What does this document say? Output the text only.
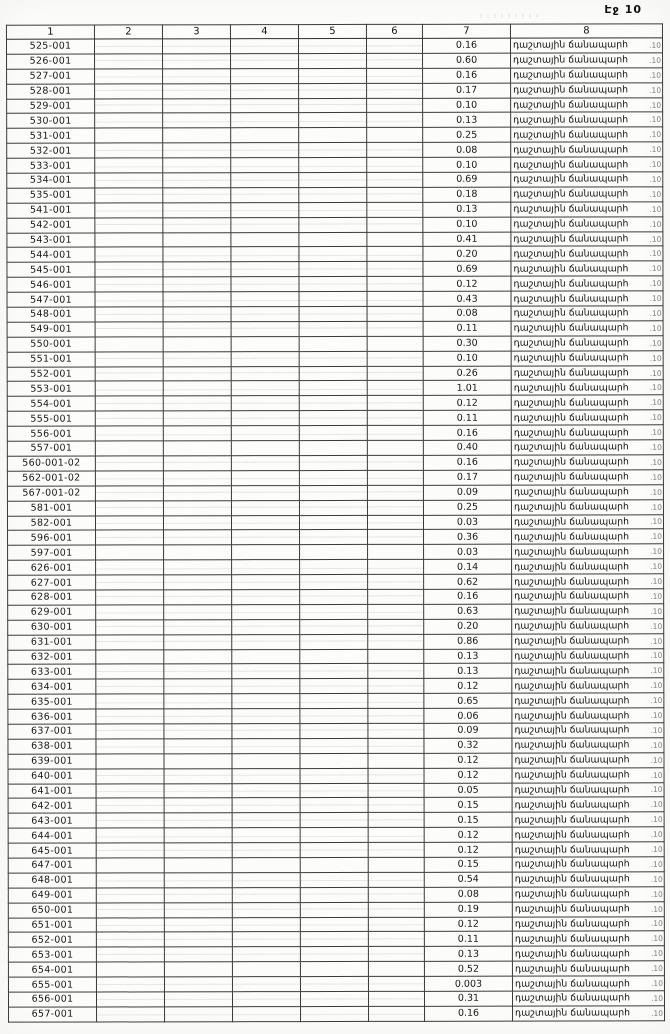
Էջ 10
1	2	3	4	5	6	7	8
525-001						0.16	դաշտային ճանապարհ .10

526-001						0.60	դաշտային ճանապարհ .10

527-001						0.16	դաշտային ճանապարհ .10

528-001						0.17	դաշտային ճանապարհ .10

529-001						0.10	դաշտային ճանապարհ .10

530-001						0.13	դաշտային ճանապարհ .10

531-001						0.25	դաշտային ճանապարհ .10

532-001						0.08	դաշտային ճանապարհ .10

533-001						0.10	դաշտային ճանապարհ .10

534-001						0.69	դաշտային ճանապարհ .10

535-001						0.18	դաշտային ճանապարհ .10

541-001						0.13	դաշտային ճանապարհ .10

542-001						0.10	դաշտային ճանապարհ .10

543-001						0.41	դաշտային ճանապարհ .10

544-001						0.20	դաշտային ճանապարհ .10

545-001						0.69	դաշտային ճանապարհ .10

546-001						0.12	դաշտային ճանապարհ .10

547-001						0.43	դաշտային ճանապարհ .10

548-001						0.08	դաշտային ճանապարհ .10

549-001						0.11	դաշտային ճանապարհ .10

550-001						0.30	դաշտային ճանապարհ .10

551-001						0.10	դաշտային ճանապարհ .10

552-001						0.26	դաշտային ճանապարհ .10

553-001						1.01	դաշտային ճանապարհ .10

554-001						0.12	դաշտային ճանապարհ .10

555-001						0.11	դաշտային ճանապարհ .10

556-001						0.16	դաշտային ճանապարհ .10

557-001						0.40	դաշտային ճանապարհ .10

560-001-02						0.16	դաշտային ճանապարհ .10

562-001-02						0.17	դաշտային ճանապարհ .10

567-001-02						0.09	դաշտային ճանապարհ .10

581-001						0.25	դաշտային ճանապարհ .10

582-001						0.03	դաշտային ճանապարհ .10

596-001						0.36	դաշտային ճանապարհ .10

597-001						0.03	դաշտային ճանապարհ .10

626-001						0.14	դաշտային ճանապարհ .10

627-001						0.62	դաշտային ճանապարհ .10

628-001						0.16	դաշտային ճանապարհ .10

629-001						0.63	դաշտային ճանապարհ .10

630-001						0.20	դաշտային ճանապարհ .10

631-001						0.86	դաշտային ճանապարհ .10

632-001						0.13	դաշտային ճանապարհ .10

633-001						0.13	դաշտային ճանապարհ .10

634-001						0.12	դաշտային ճանապարհ .10

635-001						0.65	դաշտային ճանապարհ .10

636-001						0.06	դաշտային ճանապարհ .10

637-001						0.09	դաշտային ճանապարհ .10

638-001						0.32	դաշտային ճանապարհ .10

639-001						0.12	դաշտային ճանապարհ .10

640-001						0.12	դաշտային ճանապարհ .10

641-001						0.05	դաշտային ճանապարհ .10

642-001						0.15	դաշտային ճանապարհ .10

643-001						0.15	դաշտային ճանապարհ .10

644-001						0.12	դաշտային ճանապարհ .10

645-001						0.12	դաշտային ճանապարհ .10

647-001						0.15	դաշտային ճանապարհ .10

648-001						0.54	դաշտային ճանապարհ .10

649-001						0.08	դաշտային ճանապարհ .10

650-001						0.19	դաշտային ճանապարհ .10

651-001						0.12	դաշտային ճանապարհ .10

652-001						0.11	դաշտային ճանապարհ .10

653-001						0.13	դաշտային ճանապարհ .10

654-001						0.52	դաշտային ճանապարհ .10

655-001						0.003	դաշտային ճանապարհ .10

656-001						0.31	դաշտային ճանապարհ .10

657-001						0.16	դաշտային ճանապարհ .10
